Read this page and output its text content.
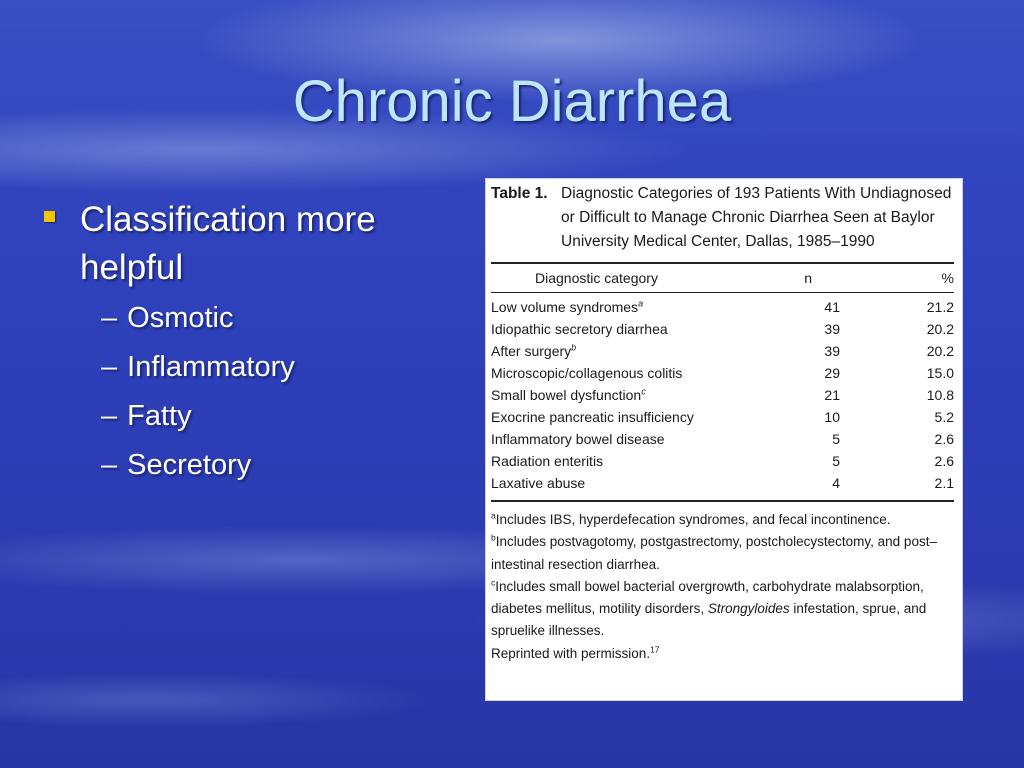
Chronic Diarrhea
Classification more helpful
– Osmotic
– Inflammatory
– Fatty
– Secretory
Table 1. Diagnostic Categories of 193 Patients With Undiagnosed or Difficult to Manage Chronic Diarrhea Seen at Baylor University Medical Center, Dallas, 1985–1990
Diagnostic category	n	%
Low volume syndromes$^a$	41	21.2
Idiopathic secretory diarrhea	39	20.2
After surgery$^b$	39	20.2
Microscopic/collagenous colitis	29	15.0
Small bowel dysfunction$^c$	21	10.8
Exocrine pancreatic insufficiency	10	5.2
Inflammatory bowel disease	5	2.6
Radiation enteritis	5	2.6
Laxative abuse	4	2.1

$^a$Includes IBS, hyperdefecation syndromes, and fecal incontinence.

$^b$Includes postvagotomy, postgastrectomy, postcholecystectomy, and post–intestinal resection diarrhea.

$^c$Includes small bowel bacterial overgrowth, carbohydrate malabsorption, diabetes mellitus, motility disorders, Strongyloides infestation, sprue, and spruelike illnesses.

Reprinted with permission.$^{17}$
